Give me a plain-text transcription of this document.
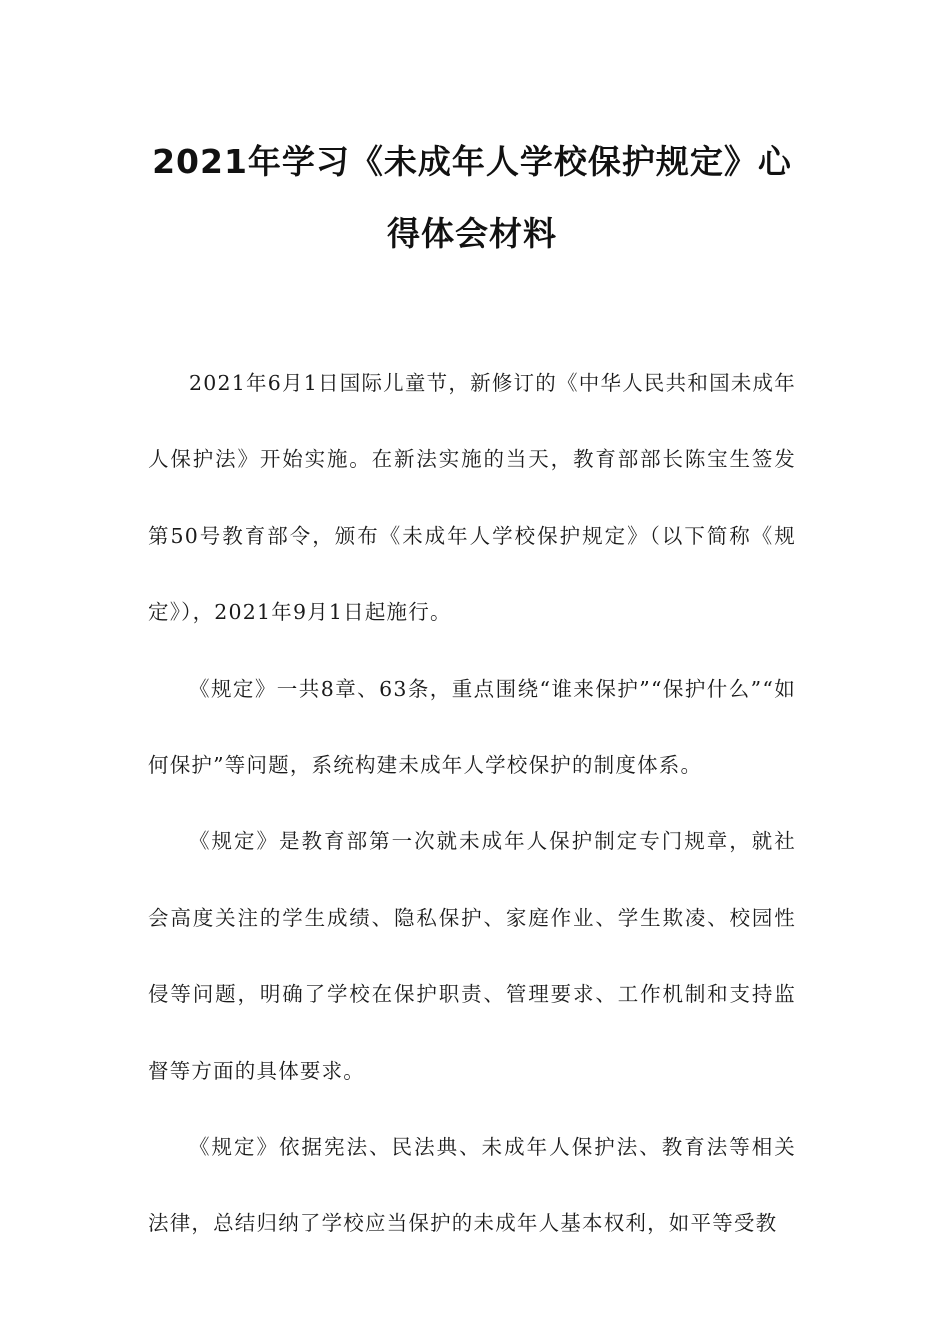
2021年学习《未成年人学校保护规定》心
得体会材料

2021年6月1日国际儿童节，新修订的《中华人民共和国未成年人保护法》开始实施。在新法实施的当天，教育部部长陈宝生签发第50号教育部令，颁布《未成年人学校保护规定》（以下简称《规定》），2021年9月1日起施行。

《规定》一共8章、63条，重点围绕“谁来保护”“保护什么”“如何保护”等问题，系统构建未成年人学校保护的制度体系。

《规定》是教育部第一次就未成年人保护制定专门规章，就社会高度关注的学生成绩、隐私保护、家庭作业、学生欺凌、校园性侵等问题，明确了学校在保护职责、管理要求、工作机制和支持监督等方面的具体要求。

《规定》依据宪法、民法典、未成年人保护法、教育法等相关法律，总结归纳了学校应当保护的未成年人基本权利，如平等受教
